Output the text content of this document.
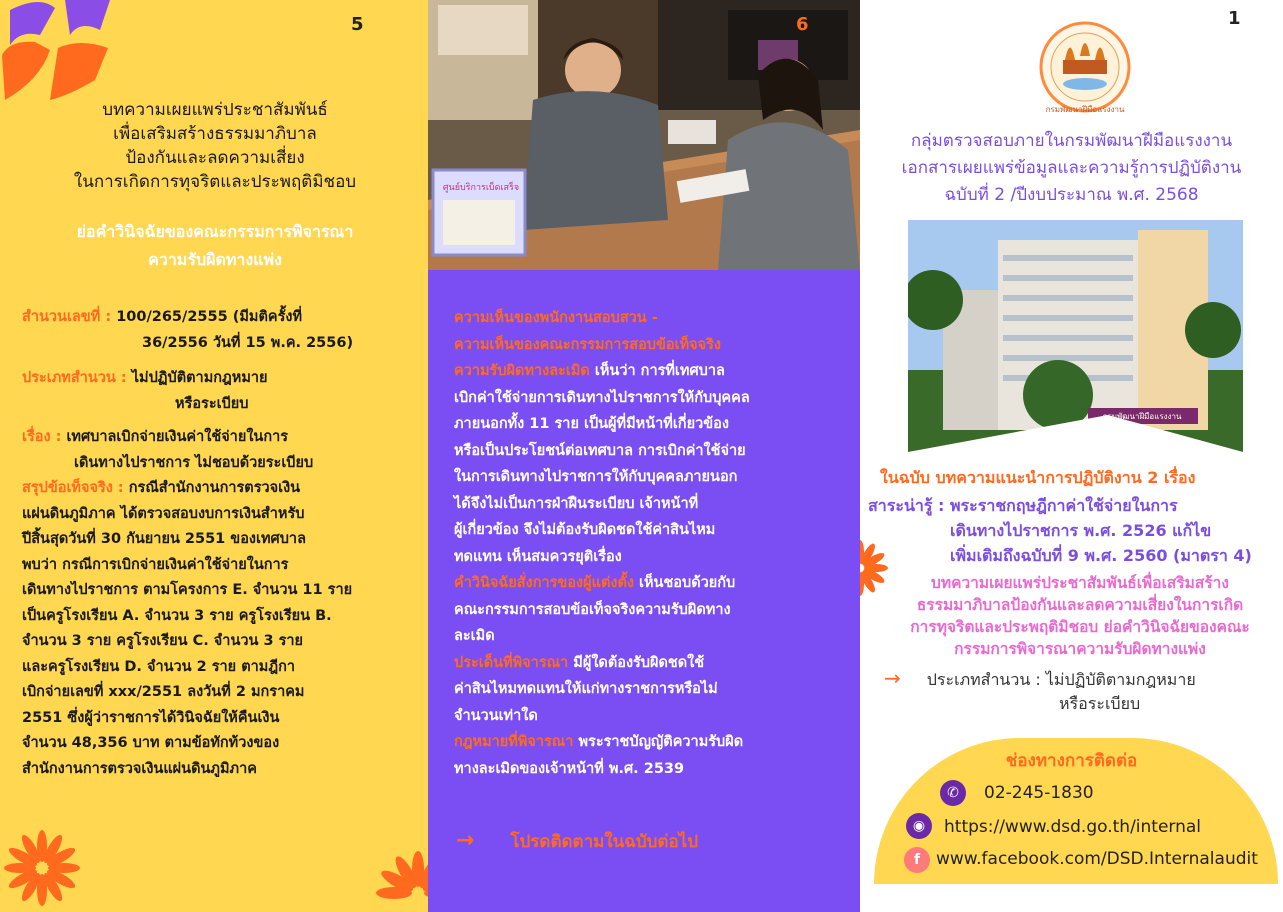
5
บทความเผยแพร่ประชาสัมพันธ์
เพื่อเสริมสร้างธรรมมาภิบาล
ป้องกันและลดความเสี่ยง
ในการเกิดการทุจริตและประพฤติมิชอบ
ย่อคำวินิจฉัยของคณะกรรมการพิจารณา
ความรับผิดทางแพ่ง
สำนวนเลขที่ : 100/265/2555 (มีมติครั้งที่
36/2556 วันที่ 15 พ.ค. 2556)
ประเภทสำนวน : ไม่ปฏิบัติตามกฎหมาย
หรือระเบียบ
เรื่อง : เทศบาลเบิกจ่ายเงินค่าใช้จ่ายในการ
เดินทางไปราชการ ไม่ชอบด้วยระเบียบ
สรุปข้อเท็จจริง : กรณีสำนักงานการตรวจเงิน
แผ่นดินภูมิภาค ได้ตรวจสอบงบการเงินสำหรับ
ปีสิ้นสุดวันที่ 30 กันยายน 2551 ของเทศบาล
พบว่า กรณีการเบิกจ่ายเงินค่าใช้จ่ายในการ
เดินทางไปราชการ ตามโครงการ E. จำนวน 11 ราย
เป็นครูโรงเรียน A. จำนวน 3 ราย ครูโรงเรียน B.
จำนวน 3 ราย ครูโรงเรียน C. จำนวน 3 ราย
และครูโรงเรียน D. จำนวน 2 ราย ตามฎีกา
เบิกจ่ายเลขที่ xxx/2551 ลงวันที่ 2 มกราคม
2551 ซึ่งผู้ว่าราชการได้วินิจฉัยให้คืนเงิน
จำนวน 48,356 บาท ตามข้อทักท้วงของ
สำนักงานการตรวจเงินแผ่นดินภูมิภาค
ศูนย์บริการเบ็ดเสร็จ
6
ความเห็นของพนักงานสอบสวน -
ความเห็นของคณะกรรมการสอบข้อเท็จจริง
ความรับผิดทางละเมิด เห็นว่า การที่เทศบาล
เบิกค่าใช้จ่ายการเดินทางไปราชการให้กับบุคคล
ภายนอกทั้ง 11 ราย เป็นผู้ที่มีหน้าที่เกี่ยวข้อง
หรือเป็นประโยชน์ต่อเทศบาล การเบิกค่าใช้จ่าย
ในการเดินทางไปราชการให้กับบุคคลภายนอก
ได้จึงไม่เป็นการฝ่าฝืนระเบียบ เจ้าหน้าที่
ผู้เกี่ยวข้อง จึงไม่ต้องรับผิดชดใช้ค่าสินไหม
ทดแทน เห็นสมควรยุติเรื่อง
คำวินิจฉัยสั่งการของผู้แต่งตั้ง เห็นชอบด้วยกับ
คณะกรรมการสอบข้อเท็จจริงความรับผิดทาง
ละเมิด
ประเด็นที่พิจารณา มีผู้ใดต้องรับผิดชดใช้
ค่าสินไหมทดแทนให้แก่ทางราชการหรือไม่
จำนวนเท่าใด
กฎหมายที่พิจารณา พระราชบัญญัติความรับผิด
ทางละเมิดของเจ้าหน้าที่ พ.ศ. 2539
→ โปรดติดตามในฉบับต่อไป
1
กรมพัฒนาฝีมือแรงงาน
กลุ่มตรวจสอบภายในกรมพัฒนาฝีมือแรงงาน
เอกสารเผยแพร่ข้อมูลและความรู้การปฏิบัติงาน
ฉบับที่ 2 /ปีงบประมาณ พ.ศ. 2568
กรมพัฒนาฝีมือแรงงาน
ในฉบับ บทความแนะนำการปฏิบัติงาน 2 เรื่อง
สาระน่ารู้ : พระราชกฤษฎีกาค่าใช้จ่ายในการ
เดินทางไปราชการ พ.ศ. 2526 แก้ไข
เพิ่มเติมถึงฉบับที่ 9 พ.ศ. 2560 (มาตรา 4)
บทความเผยแพร่ประชาสัมพันธ์เพื่อเสริมสร้าง
ธรรมมาภิบาลป้องกันและลดความเสี่ยงในการเกิด
การทุจริตและประพฤติมิชอบ ย่อคำวินิจฉัยของคณะ
กรรมการพิจารณาความรับผิดทางแพ่ง
→ ประเภทสำนวน : ไม่ปฏิบัติตามกฎหมาย
หรือระเบียบ
ช่องทางการติดต่อ
✆	02-245-1830
◉	https://www.dsd.go.th/internal
f www.facebook.com/DSD.Internalaudit
